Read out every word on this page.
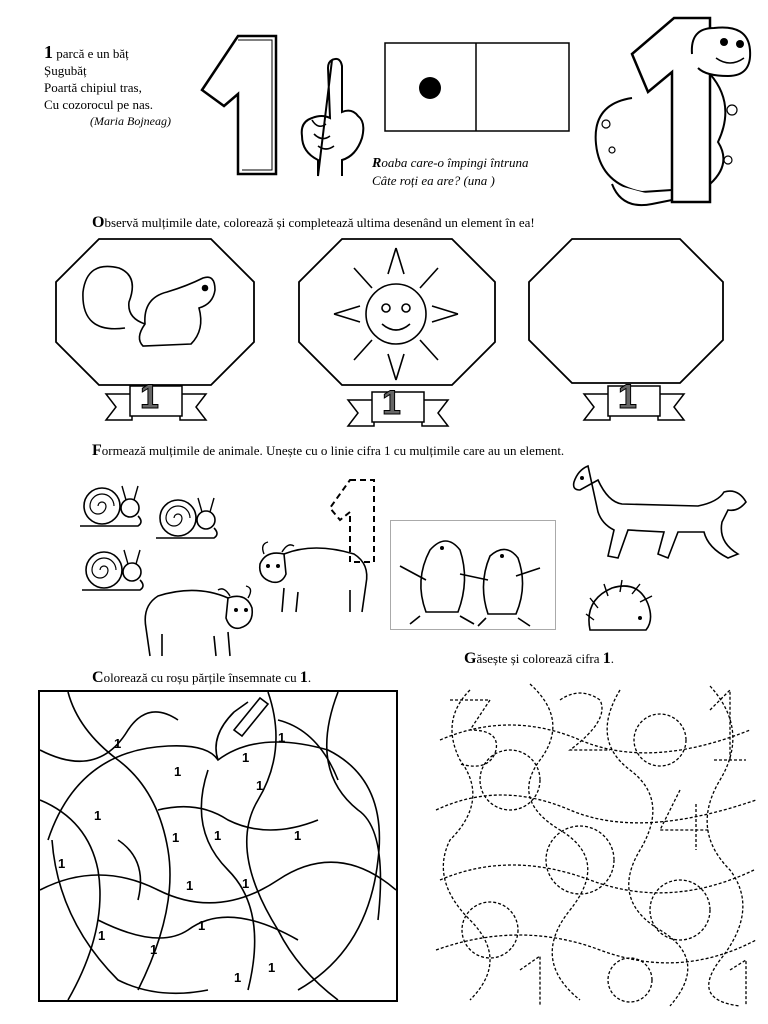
1 parcă e un băț
Șugubăț
Poartă chipiul tras,
Cu cozorocul pe nas.
(Maria Bojneag)
Roaba care-o împingi întruna
Câte roți ea are? (una )
Observă mulțimile date, colorează și completează ultima desenând un element în ea!
1	1	1
Formează mulțimile de animale. Unește cu o linie cifra 1 cu mulțimile care au un element.
Găsește și colorează cifra 1.
Colorează cu roșu părțile însemnate cu 1.
1
1
1
1
1
1
1
1	1
1
1	1
1
1
1
1
1
